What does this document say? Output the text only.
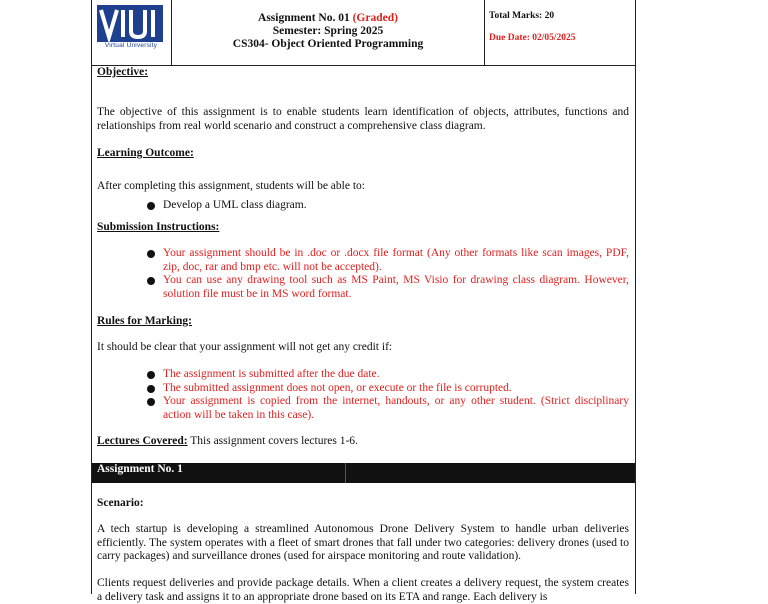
Virtual University
Assignment No. 01 (Graded)
Semester: Spring 2025
CS304- Object Oriented Programming
Total Marks: 20
Due Date: 02/05/2025
Objective:
The objective of this assignment is to enable students learn identification of objects, attributes, functions and relationships from real world scenario and construct a comprehensive class diagram.
Learning Outcome:
After completing this assignment, students will be able to:
Develop a UML class diagram.
Submission Instructions:
Your assignment should be in .doc or .docx file format (Any other formats like scan images, PDF, zip, doc, rar and bmp etc. will not be accepted).
You can use any drawing tool such as MS Paint, MS Visio for drawing class diagram. However, solution file must be in MS word format.
Rules for Marking:
It should be clear that your assignment will not get any credit if:
The assignment is submitted after the due date.
The submitted assignment does not open, or execute or the file is corrupted.
Your assignment is copied from the internet, handouts, or any other student. (Strict disciplinary action will be taken in this case).
Lectures Covered: This assignment covers lectures 1-6.
Scenario:
A tech startup is developing a streamlined Autonomous Drone Delivery System to handle urban deliveries efficiently. The system operates with a fleet of smart drones that fall under two categories: delivery drones (used to carry packages) and surveillance drones (used for airspace monitoring and route validation).
Clients request deliveries and provide package details. When a client creates a delivery request, the system creates a delivery task and assigns it to an appropriate drone based on its ETA and range. Each delivery is
Assignment No. 1
